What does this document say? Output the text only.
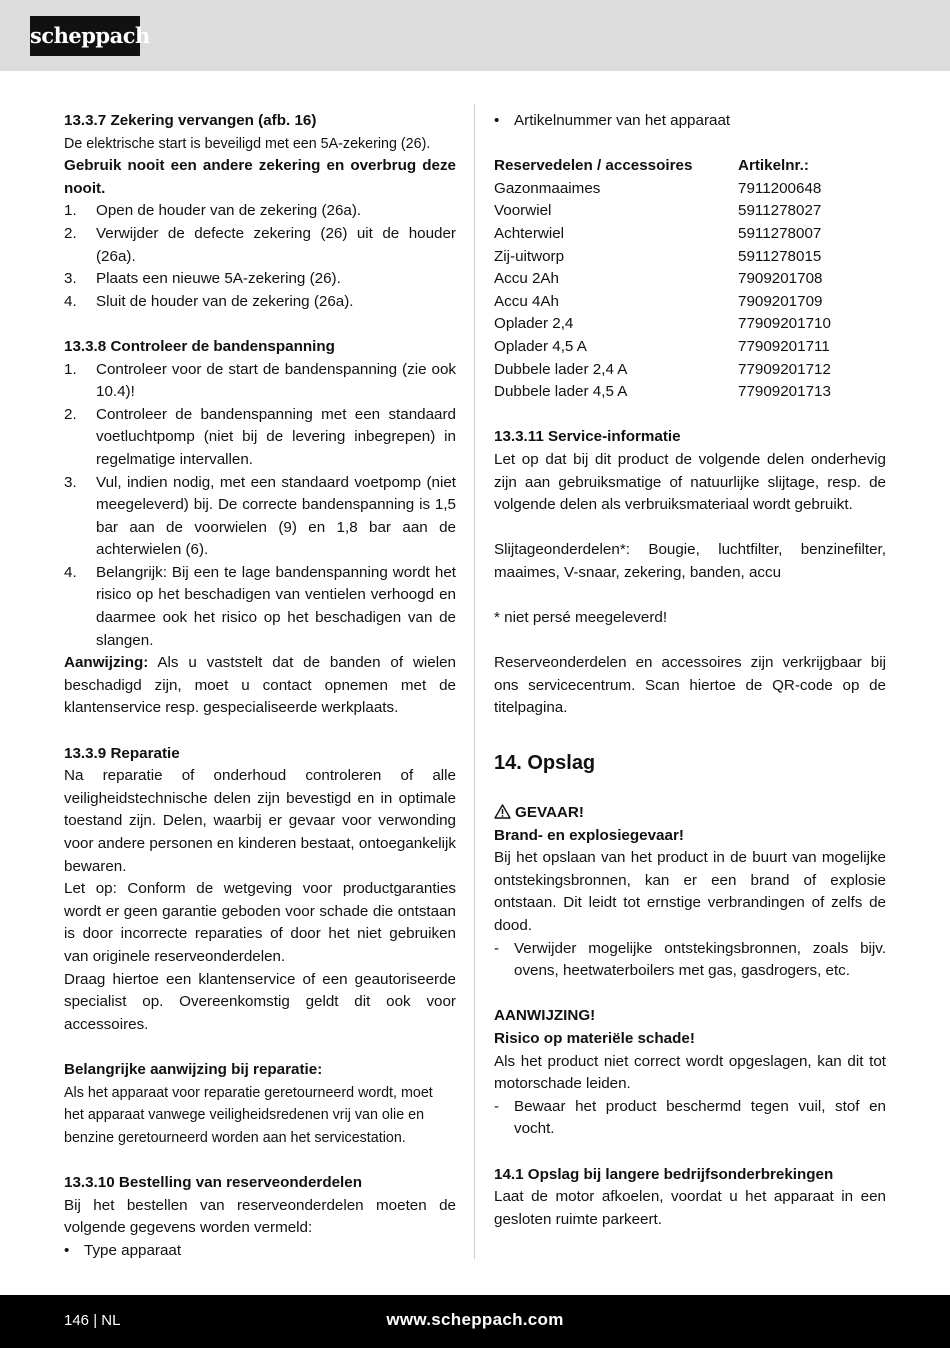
scheppach

13.3.7 Zekering vervangen (afb. 16)

De elektrische start is beveiligd met een 5A-zekering (26).

Gebruik nooit een andere zekering en overbrug deze nooit.

1.	Open de houder van de zekering (26a).
2.	Verwijder de defecte zekering (26) uit de houder (26a).
3.	Plaats een nieuwe 5A-zekering (26).
4.	Sluit de houder van de zekering (26a).

13.3.8 Controleer de bandenspanning

1.	Controleer voor de start de bandenspanning (zie ook 10.4)!
2.	Controleer de bandenspanning met een standaard voetluchtpomp (niet bij de levering inbegrepen) in regelmatige intervallen.
3.	Vul, indien nodig, met een standaard voetpomp (niet meegeleverd) bij. De correcte bandenspanning is 1,5 bar aan de voorwielen (9) en 1,8 bar aan de achterwielen (6).
4.	Belangrijk: Bij een te lage bandenspanning wordt het risico op het beschadigen van ventielen verhoogd en daarmee ook het risico op het beschadigen van de slangen.

Aanwijzing: Als u vaststelt dat de banden of wielen beschadigd zijn, moet u contact opnemen met de klantenservice resp. gespecialiseerde werkplaats.

13.3.9 Reparatie

Na reparatie of onderhoud controleren of alle veiligheidstechnische delen zijn bevestigd en in optimale toestand zijn. Delen, waarbij er gevaar voor verwonding voor andere personen en kinderen bestaat, ontoegankelijk bewaren.

Let op: Conform de wetgeving voor productgaranties wordt er geen garantie geboden voor schade die ontstaan is door incorrecte reparaties of door het niet gebruiken van originele reserveonderdelen.

Draag hiertoe een klantenservice of een geautoriseerde specialist op. Overeenkomstig geldt dit ook voor accessoires.

Belangrijke aanwijzing bij reparatie:

Als het apparaat voor reparatie geretourneerd wordt, moet het apparaat vanwege veiligheidsredenen vrij van olie en benzine geretourneerd worden aan het servicestation.

13.3.10 Bestelling van reserveonderdelen

Bij het bestellen van reserveonderdelen moeten de volgende gegevens worden vermeld:

• Type apparaat
• Artikelnummer van het apparaat
Reservedelen / accessoires	Artikelnr.:
Gazonmaaimes	7911200648
Voorwiel	5911278027
Achterwiel	5911278007
Zij-uitworp	5911278015
Accu 2Ah	7909201708
Accu 4Ah	7909201709
Oplader 2,4	77909201710
Oplader 4,5 A	77909201711
Dubbele lader 2,4 A	77909201712
Dubbele lader 4,5 A	77909201713

13.3.11 Service-informatie

Let op dat bij dit product de volgende delen onderhevig zijn aan gebruiksmatige of natuurlijke slijtage, resp. de volgende delen als verbruiksmateriaal wordt gebruikt.

Slijtageonderdelen*: Bougie, luchtfilter, benzinefilter, maaimes, V-snaar, zekering, banden, accu

* niet persé meegeleverd!

Reserveonderdelen en accessoires zijn verkrijgbaar bij ons servicecentrum. Scan hiertoe de QR-code op de titelpagina.

14. Opslag

GEVAAR!

Brand- en explosiegevaar!

Bij het opslaan van het product in de buurt van mogelijke ontstekingsbronnen, kan er een brand of explosie ontstaan. Dit leidt tot ernstige verbrandingen of zelfs de dood.

- Verwijder mogelijke ontstekingsbronnen, zoals bijv. ovens, heetwaterboilers met gas, gasdrogers, etc.

AANWIJZING!

Risico op materiële schade!

Als het product niet correct wordt opgeslagen, kan dit tot motorschade leiden.

- Bewaar het product beschermd tegen vuil, stof en vocht.

14.1 Opslag bij langere bedrijfsonderbrekingen

Laat de motor afkoelen, voordat u het apparaat in een gesloten ruimte parkeert.

146 | NL	www.scheppach.com
